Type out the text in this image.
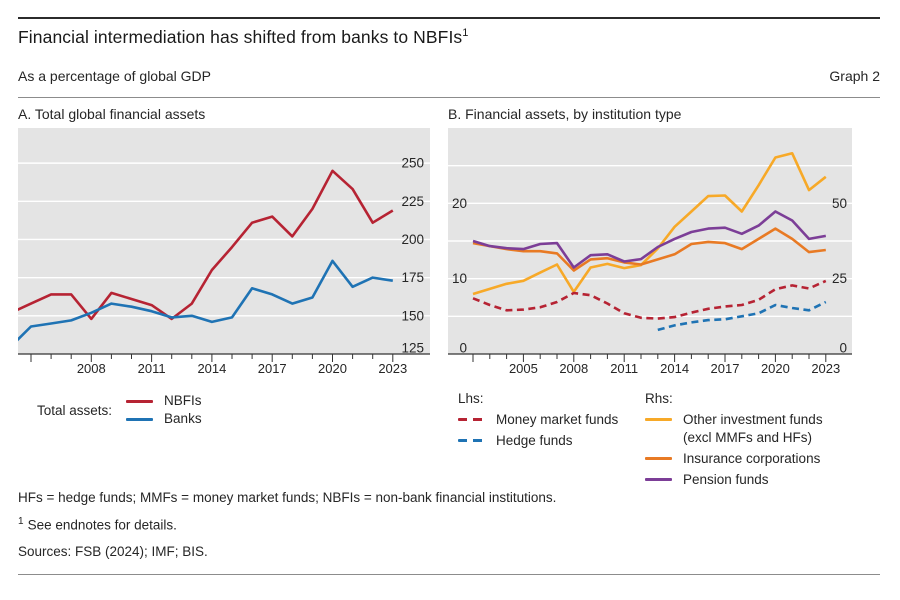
Financial intermediation has shifted from banks to NBFIs$^1$
As a percentage of global GDP	Graph 2
A. Total global financial assets	B. Financial assets, by institution type
2008 2011 2014 2017 2020 2023
250
225
200
175
150
125
2005 2008 2011 2014 2017 2020 2023
20
10
0
50
25
0
Total assets:
NBFIs
Banks
Lhs:
Money market funds
Hedge funds
Rhs:
Other investment funds (excl MMFs and HFs)
Insurance corporations
Pension funds
HFs = hedge funds; MMFs = money market funds; NBFIs = non-bank financial institutions.
$^1$ See endnotes for details.
Sources: FSB (2024); IMF; BIS.
